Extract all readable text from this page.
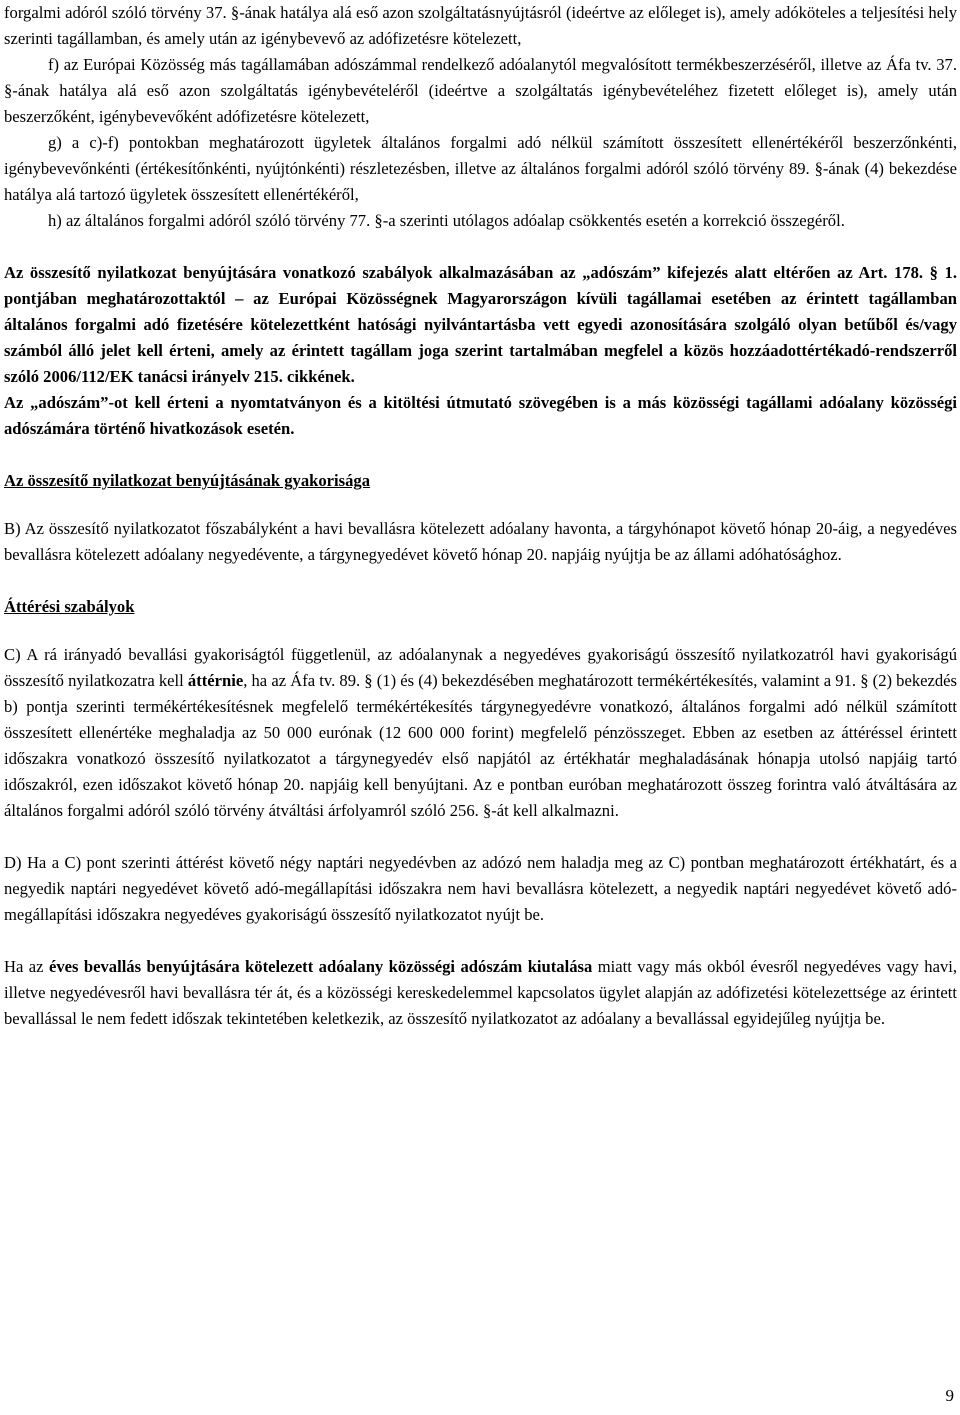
forgalmi adóról szóló törvény 37. §-ának hatálya alá eső azon szolgáltatásnyújtásról (ideértve az előleget is), amely adóköteles a teljesítési hely szerinti tagállamban, és amely után az igénybevevő az adófizetésre kötelezett,

f) az Európai Közösség más tagállamában adószámmal rendelkező adóalanytól megvalósított termékbeszerzéséről, illetve az Áfa tv. 37. §-ának hatálya alá eső azon szolgáltatás igénybevételéről (ideértve a szolgáltatás igénybevételéhez fizetett előleget is), amely után beszerzőként, igénybevevőként adófizetésre kötelezett,

g) a c)-f) pontokban meghatározott ügyletek általános forgalmi adó nélkül számított összesített ellenértékéről beszerzőnkénti, igénybevevőnkénti (értékesítőnkénti, nyújtónkénti) részletezésben, illetve az általános forgalmi adóról szóló törvény 89. §-ának (4) bekezdése hatálya alá tartozó ügyletek összesített ellenértékéről,

h) az általános forgalmi adóról szóló törvény 77. §-a szerinti utólagos adóalap csökkentés esetén a korrekció összegéről.

Az összesítő nyilatkozat benyújtására vonatkozó szabályok alkalmazásában az „adószám” kifejezés alatt eltérően az Art. 178. § 1. pontjában meghatározottaktól – az Európai Közösségnek Magyarországon kívüli tagállamai esetében az érintett tagállamban általános forgalmi adó fizetésére kötelezettként hatósági nyilvántartásba vett egyedi azonosítására szolgáló olyan betűből és/vagy számból álló jelet kell érteni, amely az érintett tagállam joga szerint tartalmában megfelel a közös hozzáadottértékadó-rendszerről szóló 2006/112/EK tanácsi irányelv 215. cikkének.

Az „adószám”-ot kell érteni a nyomtatványon és a kitöltési útmutató szövegében is a más közösségi tagállami adóalany közösségi adószámára történő hivatkozások esetén.

Az összesítő nyilatkozat benyújtásának gyakorisága

B) Az összesítő nyilatkozatot főszabályként a havi bevallásra kötelezett adóalany havonta, a tárgyhónapot követő hónap 20-áig, a negyedéves bevallásra kötelezett adóalany negyedévente, a tárgynegyedévet követő hónap 20. napjáig nyújtja be az állami adóhatósághoz.

Áttérési szabályok

C) A rá irányadó bevallási gyakoriságtól függetlenül, az adóalanynak a negyedéves gyakoriságú összesítő nyilatkozatról havi gyakoriságú összesítő nyilatkozatra kell áttérnie, ha az Áfa tv. 89. § (1) és (4) bekezdésében meghatározott termékértékesítés, valamint a 91. § (2) bekezdés b) pontja szerinti termékértékesítésnek megfelelő termékértékesítés tárgynegyedévre vonatkozó, általános forgalmi adó nélkül számított összesített ellenértéke meghaladja az 50 000 eurónak (12 600 000 forint) megfelelő pénzösszeget. Ebben az esetben az áttéréssel érintett időszakra vonatkozó összesítő nyilatkozatot a tárgynegyedév első napjától az értékhatár meghaladásának hónapja utolsó napjáig tartó időszakról, ezen időszakot követő hónap 20. napjáig kell benyújtani. Az e pontban euróban meghatározott összeg forintra való átváltására az általános forgalmi adóról szóló törvény átváltási árfolyamról szóló 256. §-át kell alkalmazni.

D) Ha a C) pont szerinti áttérést követő négy naptári negyedévben az adózó nem haladja meg az C) pontban meghatározott értékhatárt, és a negyedik naptári negyedévet követő adó-megállapítási időszakra nem havi bevallásra kötelezett, a negyedik naptári negyedévet követő adó-megállapítási időszakra negyedéves gyakoriságú összesítő nyilatkozatot nyújt be.

Ha az éves bevallás benyújtására kötelezett adóalany közösségi adószám kiutalása miatt vagy más okból évesről negyedéves vagy havi, illetve negyedévesről havi bevallásra tér át, és a közösségi kereskedelemmel kapcsolatos ügylet alapján az adófizetési kötelezettsége az érintett bevallással le nem fedett időszak tekintetében keletkezik, az összesítő nyilatkozatot az adóalany a bevallással egyidejűleg nyújtja be.

9
